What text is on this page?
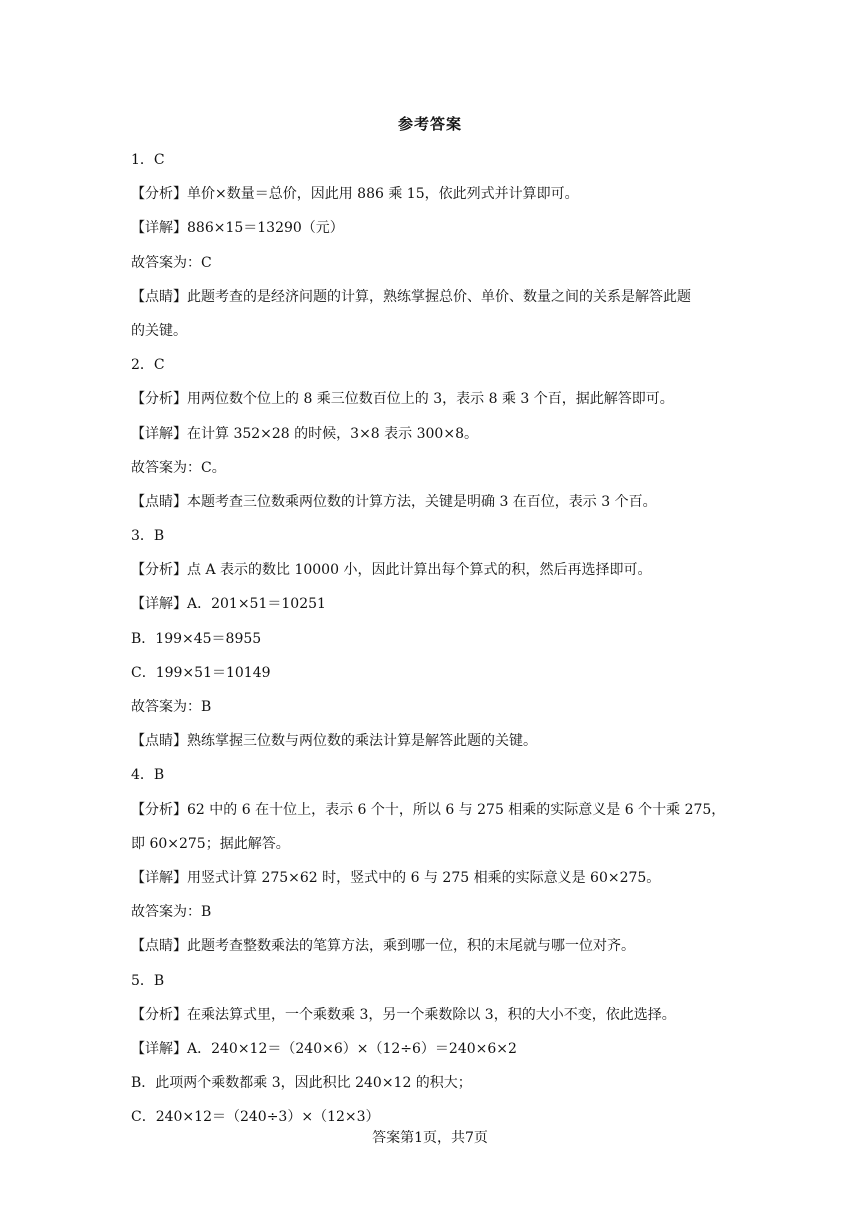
参考答案
1．C
【分析】单价×数量＝总价，因此用 886 乘 15，依此列式并计算即可。
【详解】886×15＝13290（元）
故答案为：C
【点睛】此题考查的是经济问题的计算，熟练掌握总价、单价、数量之间的关系是解答此题
的关键。
2．C
【分析】用两位数个位上的 8 乘三位数百位上的 3，表示 8 乘 3 个百，据此解答即可。
【详解】在计算 352×28 的时候，3×8 表示 300×8。
故答案为：C。
【点睛】本题考查三位数乘两位数的计算方法，关键是明确 3 在百位，表示 3 个百。
3．B
【分析】点 A 表示的数比 10000 小，因此计算出每个算式的积，然后再选择即可。
【详解】A．201×51＝10251
B．199×45＝8955
C．199×51＝10149
故答案为：B
【点睛】熟练掌握三位数与两位数的乘法计算是解答此题的关键。
4．B
【分析】62 中的 6 在十位上，表示 6 个十，所以 6 与 275 相乘的实际意义是 6 个十乘 275，
即 60×275；据此解答。
【详解】用竖式计算 275×62 时，竖式中的 6 与 275 相乘的实际意义是 60×275。
故答案为：B
【点睛】此题考查整数乘法的笔算方法，乘到哪一位，积的末尾就与哪一位对齐。
5．B
【分析】在乘法算式里，一个乘数乘 3，另一个乘数除以 3，积的大小不变，依此选择。
【详解】A．240×12＝（240×6）×（12÷6）＝240×6×2
B．此项两个乘数都乘 3，因此积比 240×12 的积大；
C．240×12＝（240÷3）×（12×3）
答案第1页，共7页
